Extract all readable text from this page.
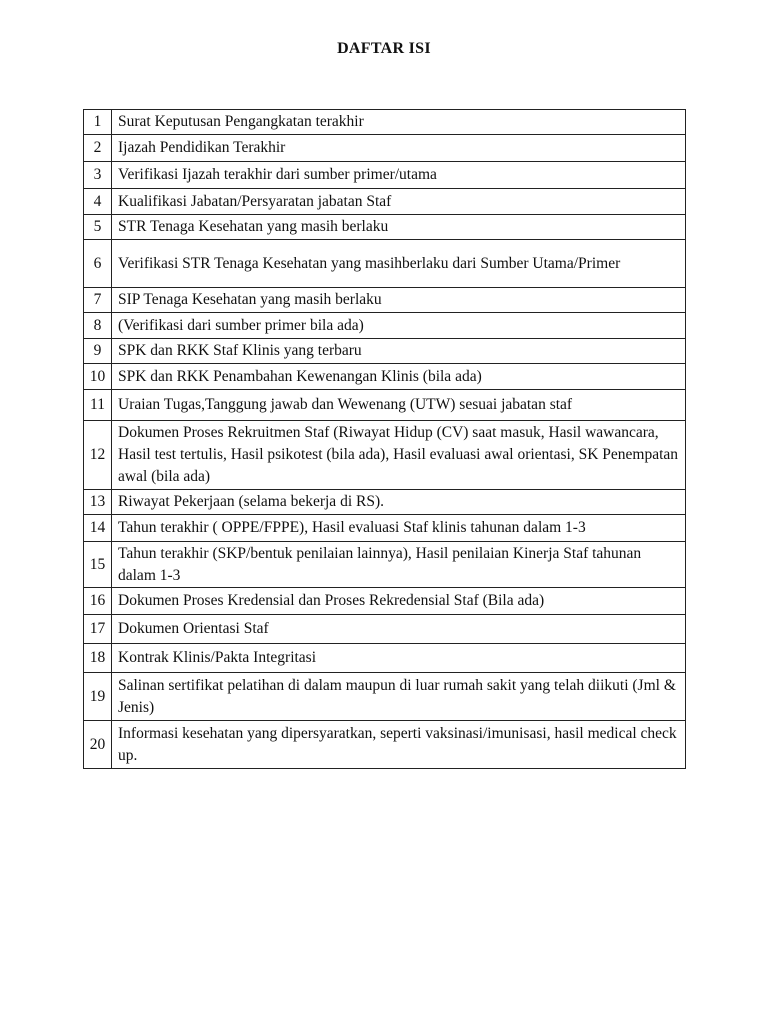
DAFTAR ISI
1	Surat Keputusan Pengangkatan terakhir
2	Ijazah Pendidikan Terakhir
3	Verifikasi Ijazah terakhir dari sumber primer/utama
4	Kualifikasi Jabatan/Persyaratan jabatan Staf
5	STR Tenaga Kesehatan yang masih berlaku
6	Verifikasi STR Tenaga Kesehatan yang masihberlaku dari Sumber Utama/Primer
7	SIP Tenaga Kesehatan yang masih berlaku
8	(Verifikasi dari sumber primer bila ada)
9	SPK dan RKK Staf Klinis yang terbaru
10	SPK dan RKK Penambahan Kewenangan Klinis (bila ada)
11	Uraian Tugas,Tanggung jawab dan Wewenang (UTW) sesuai jabatan staf
12	Dokumen Proses Rekruitmen Staf (Riwayat Hidup (CV) saat masuk, Hasil wawancara, Hasil test tertulis, Hasil psikotest (bila ada), Hasil evaluasi awal orientasi, SK Penempatan awal (bila ada)
13	Riwayat Pekerjaan (selama bekerja di RS).
14	Tahun terakhir ( OPPE/FPPE), Hasil evaluasi Staf klinis tahunan dalam 1-3
15	Tahun terakhir (SKP/bentuk penilaian lainnya), Hasil penilaian Kinerja Staf tahunan dalam 1-3
16	Dokumen Proses Kredensial dan Proses Rekredensial Staf (Bila ada)
17	Dokumen Orientasi Staf
18	Kontrak Klinis/Pakta Integritasi
19	Salinan sertifikat pelatihan di dalam maupun di luar rumah sakit yang telah diikuti (Jml & Jenis)
20	Informasi kesehatan yang dipersyaratkan, seperti vaksinasi/imunisasi, hasil medical check up.
